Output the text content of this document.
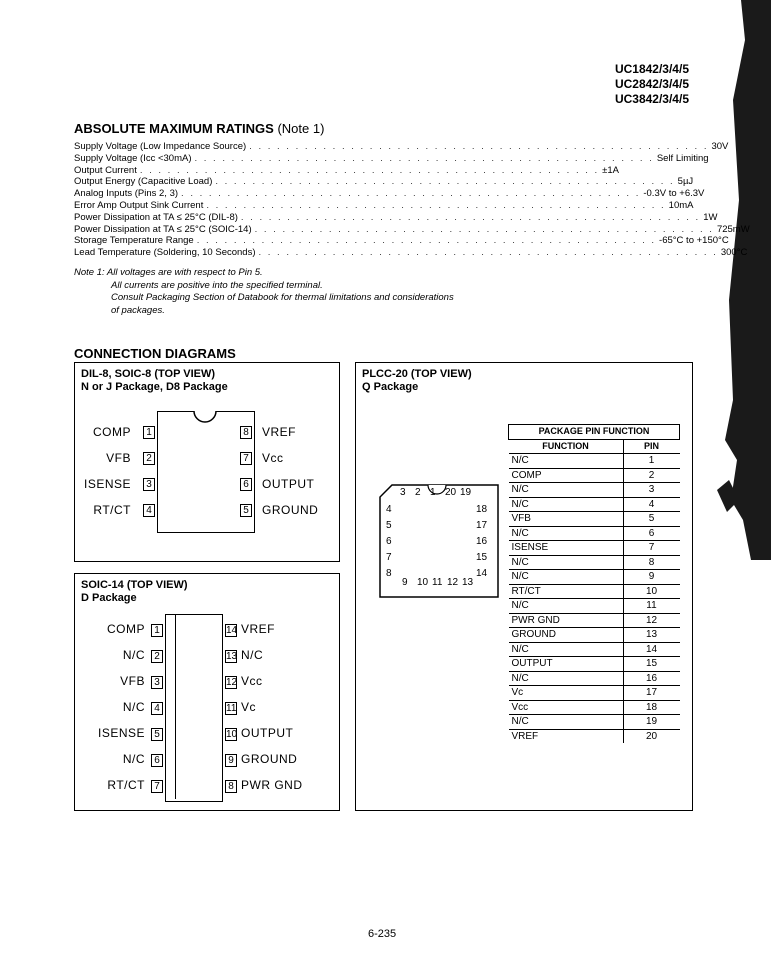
UC1842/3/4/5
UC2842/3/4/5
UC3842/3/4/5
ABSOLUTE MAXIMUM RATINGS (Note 1)
Supply Voltage (Low Impedance Source) . . . . . . . . . . . . . . . . . . . . . . . . . . . . . . . . . . . . . . . . . . . . . . . . . . 30V
Supply Voltage (Icc <30mA) . . . . . . . . . . . . . . . . . . . . . . . . . . . . . . . . . . . . . . . . . . . . . . . . . . Self Limiting
Output Current . . . . . . . . . . . . . . . . . . . . . . . . . . . . . . . . . . . . . . . . . . . . . . . . . . ±1A
Output Energy (Capacitive Load) . . . . . . . . . . . . . . . . . . . . . . . . . . . . . . . . . . . . . . . . . . . . . . . . . . 5µJ
Analog Inputs (Pins 2, 3) . . . . . . . . . . . . . . . . . . . . . . . . . . . . . . . . . . . . . . . . . . . . . . . . . . -0.3V to +6.3V
Error Amp Output Sink Current . . . . . . . . . . . . . . . . . . . . . . . . . . . . . . . . . . . . . . . . . . . . . . . . . . 10mA
Power Dissipation at TA ≤ 25°C (DIL-8) . . . . . . . . . . . . . . . . . . . . . . . . . . . . . . . . . . . . . . . . . . . . . . . . . . 1W
Power Dissipation at TA ≤ 25°C (SOIC-14) . . . . . . . . . . . . . . . . . . . . . . . . . . . . . . . . . . . . . . . . . . . . . . . . . . 725mW
Storage Temperature Range . . . . . . . . . . . . . . . . . . . . . . . . . . . . . . . . . . . . . . . . . . . . . . . . . . -65°C to +150°C
Lead Temperature (Soldering, 10 Seconds) . . . . . . . . . . . . . . . . . . . . . . . . . . . . . . . . . . . . . . . . . . . . . . . . . . 300°C
Note 1: All voltages are with respect to Pin 5.
All currents are positive into the specified terminal.
Consult Packaging Section of Databook for thermal limitations and considerations
of packages.
CONNECTION DIAGRAMS
DIL-8, SOIC-8 (TOP VIEW)
N or J Package, D8 Package
COMP	1
VFB	2
ISENSE	3
RT/CT	4
8 VREF
7 Vcc
6 OUTPUT
5 GROUND
SOIC-14 (TOP VIEW)
D Package
COMP 1
N/C 2
VFB 3
N/C 4
ISENSE 5
N/C 6
RT/CT 7
14 VREF
13 N/C
12 Vcc
11 Vc
10 OUTPUT
9 GROUND
8 PWR GND
PLCC-20 (TOP VIEW)
Q Package
3 2 1 20 19
4
5
6
7
8
18
17
16
15
14
9 10 11 12 13
PACKAGE PIN FUNCTION	
FUNCTION	PIN
N/C	1
COMP	2
N/C	3
N/C	4
VFB	5
N/C	6
ISENSE	7
N/C	8
N/C	9
RT/CT	10
N/C	11
PWR GND	12
GROUND	13
N/C	14
OUTPUT	15
N/C	16
Vc	17
Vcc	18
N/C	19
VREF	20
6-235
